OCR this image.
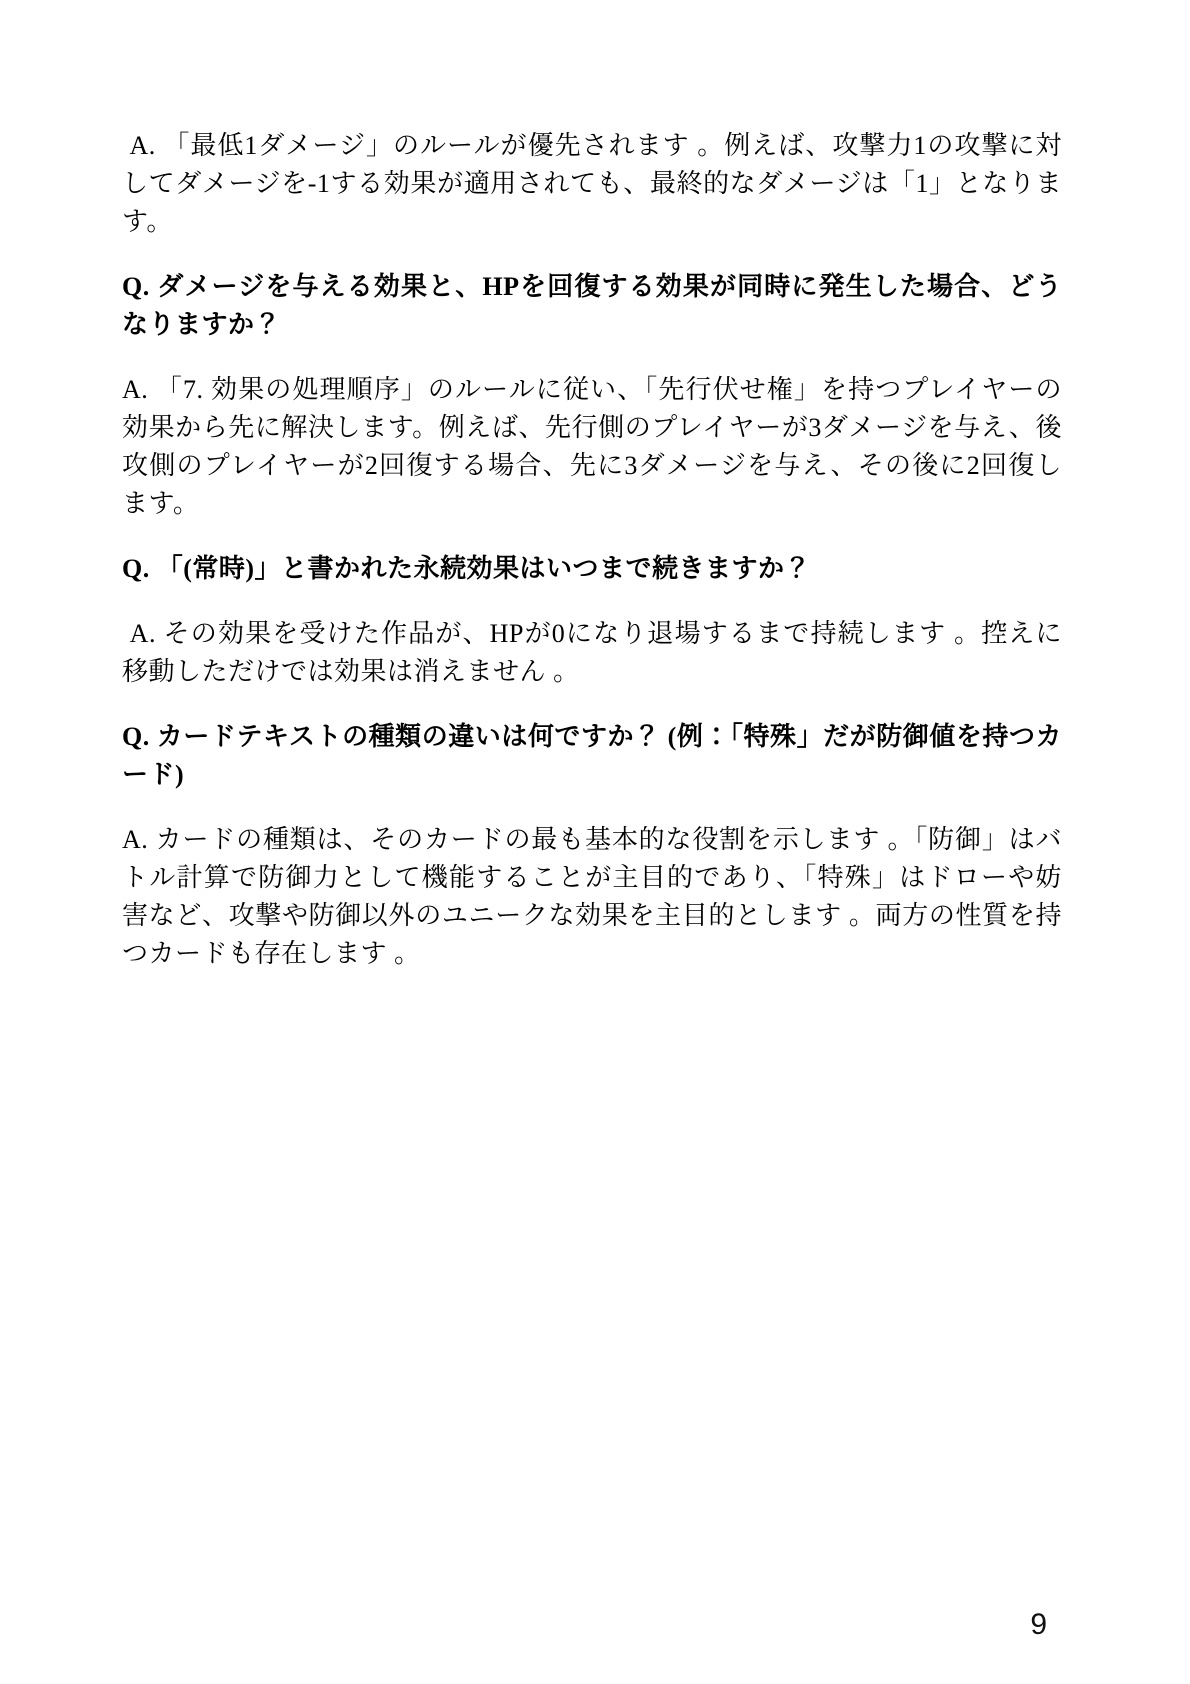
A. 「最低1ダメージ」のルールが優先されます 。例えば、攻撃力1の攻撃に対してダメージを-1する効果が適用されても、最終的なダメージは「1」となります。

Q. ダメージを与える効果と、HPを回復する効果が同時に発生した場合、どうなりますか？

A. 「7. 効果の処理順序」のルールに従い、「先行伏せ権」を持つプレイヤーの効果から先に解決します。例えば、先行側のプレイヤーが3ダメージを与え、後攻側のプレイヤーが2回復する場合、先に3ダメージを与え、その後に2回復します。

Q. 「(常時)」と書かれた永続効果はいつまで続きますか？

A. その効果を受けた作品が、HPが0になり退場するまで持続します 。控えに移動しただけでは効果は消えません 。

Q. カードテキストの種類の違いは何ですか？ (例：「特殊」だが防御値を持つカード)

A. カードの種類は、そのカードの最も基本的な役割を示します 。「防御」はバトル計算で防御力として機能することが主目的であり、「特殊」はドローや妨害など、攻撃や防御以外のユニークな効果を主目的とします 。両方の性質を持つカードも存在します 。

9
